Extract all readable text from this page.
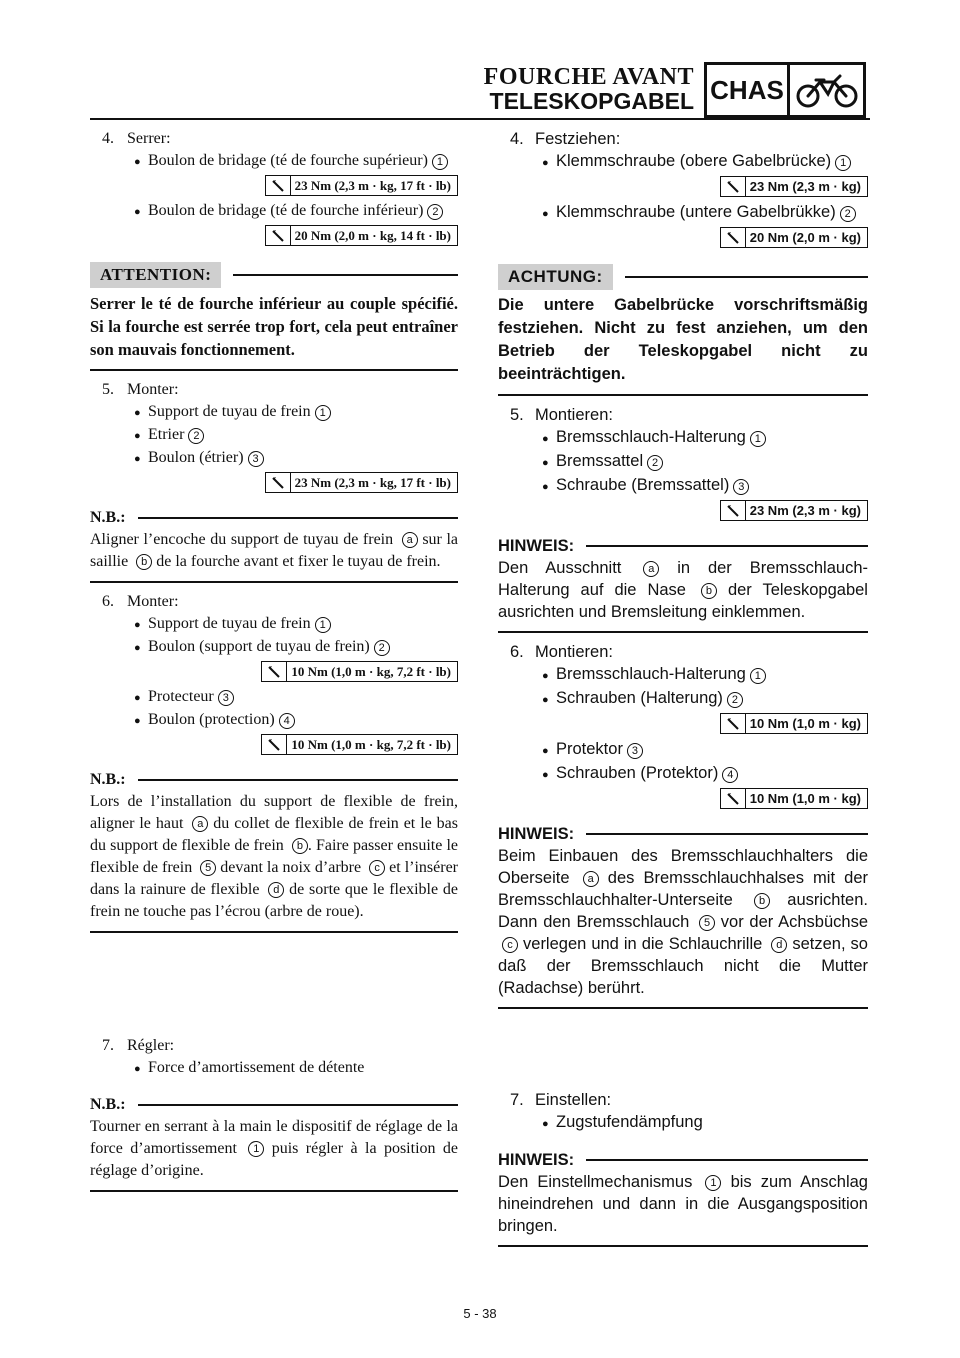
FOURCHE AVANT
TELESKOPGABEL CHAS
4. Serrer:
● Boulon de bridage (té de fourche supérieur) 1
23 Nm (2,3 m · kg, 17 ft · lb)
● Boulon de bridage (té de fourche inférieur) 2
20 Nm (2,0 m · kg, 14 ft · lb)
ATTENTION:
Serrer le té de fourche inférieur au couple spécifié. Si la fourche est serrée trop fort, cela peut entraîner son mauvais fonctionnement.
5. Monter:
● Support de tuyau de frein 1
● Etrier 2
● Boulon (étrier) 3
23 Nm (2,3 m · kg, 17 ft · lb)
N.B.:
Aligner l’encoche du support de tuyau de frein a sur la saillie b de la fourche avant et fixer le tuyau de frein.
6. Monter:
● Support de tuyau de frein 1
● Boulon (support de tuyau de frein) 2
10 Nm (1,0 m · kg, 7,2 ft · lb)
● Protecteur 3
● Boulon (protection) 4
10 Nm (1,0 m · kg, 7,2 ft · lb)
N.B.:
Lors de l’installation du support de flexible de frein, aligner le haut a du collet de flexible de frein et le bas du support de flexible de frein b . Faire passer ensuite le flexible de frein 5 devant la noix d’arbre c et l’insérer dans la rainure de flexible d de sorte que le flexible de frein ne touche pas l’écrou (arbre de roue).
7. Régler:
● Force d’amortissement de détente
N.B.:
Tourner en serrant à la main le dispositif de réglage de la force d’amortissement 1 puis régler à la position de réglage d’origine.
4. Festziehen:
● Klemmschraube (obere Gabelbrücke) 1
23 Nm (2,3 m · kg)
● Klemmschraube (untere Gabelbrükke) 2
20 Nm (2,0 m · kg)
ACHTUNG:
Die untere Gabelbrücke vorschriftsmäßig festziehen. Nicht zu fest anziehen, um den Betrieb der Teleskopgabel nicht zu beeinträchtigen.
5. Montieren:
● Bremsschlauch-Halterung 1
● Bremssattel 2
● Schraube (Bremssattel) 3
23 Nm (2,3 m · kg)
HINWEIS:
Den Ausschnitt a in der Bremsschlauch-Halterung auf die Nase b der Teleskopgabel ausrichten und Bremsleitung einklemmen.
6. Montieren:
● Bremsschlauch-Halterung 1
● Schrauben (Halterung) 2
10 Nm (1,0 m · kg)
● Protektor 3
● Schrauben (Protektor) 4
10 Nm (1,0 m · kg)
HINWEIS:
Beim Einbauen des Bremsschlauchhalters die Oberseite a des Bremsschlauchhalses mit der Bremsschlauchhalter-Unterseite b ausrichten. Dann den Bremsschlauch 5 vor der Achsbüchse c verlegen und in die Schlauchrille d setzen, so daß der Bremsschlauch nicht die Mutter (Radachse) berührt.
7. Einstellen:
● Zugstufendämpfung
HINWEIS:
Den Einstellmechanismus 1 bis zum Anschlag hineindrehen und dann in die Ausgangsposition bringen.
5 - 38
